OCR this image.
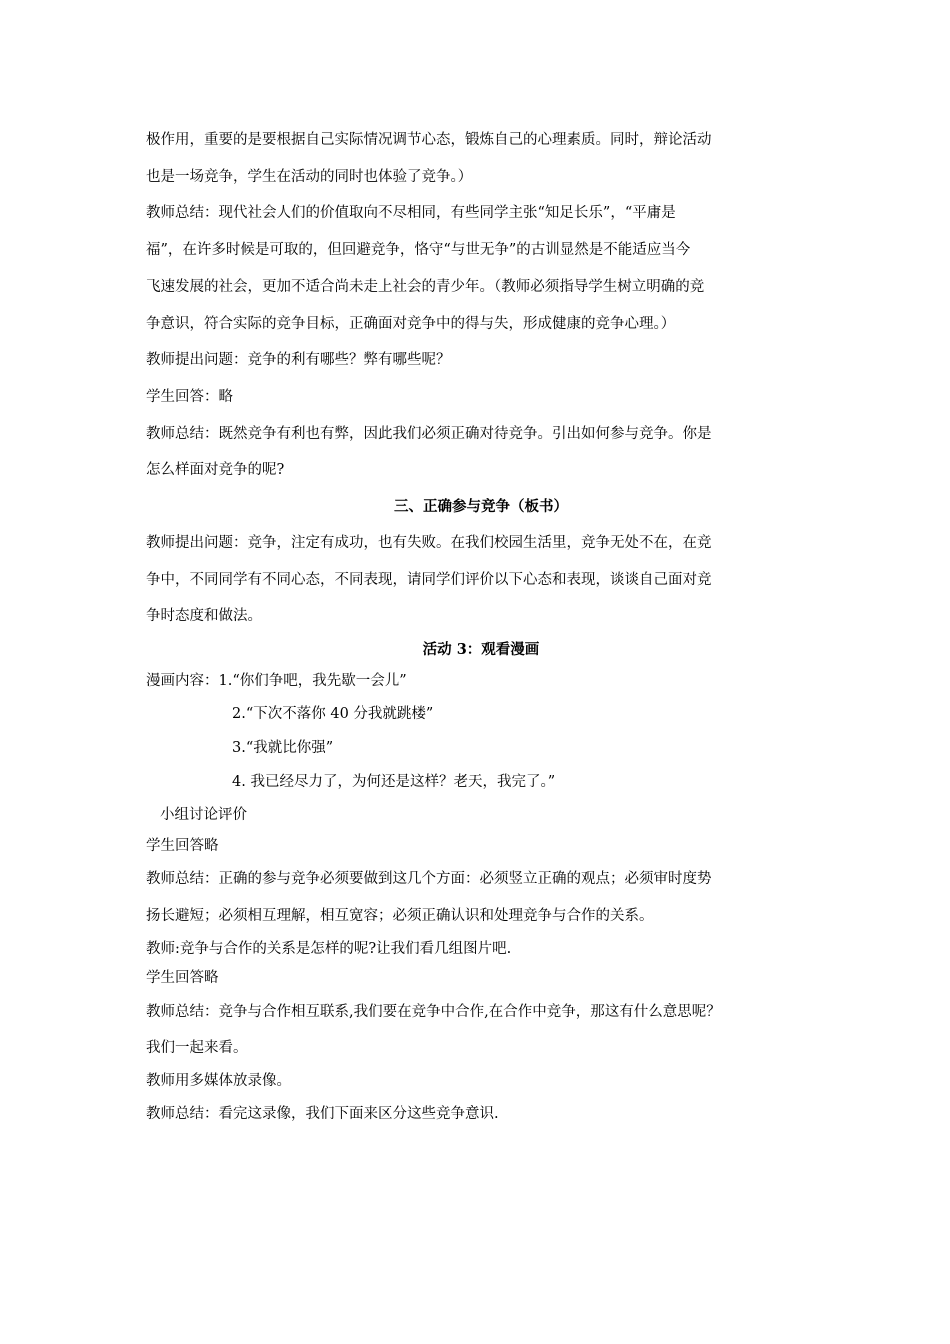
极作用，重要的是要根据自己实际情况调节心态，锻炼自己的心理素质。同时，辩论活动

也是一场竞争，学生在活动的同时也体验了竞争。）

教师总结：现代社会人们的价值取向不尽相同，有些同学主张“知足长乐”，“平庸是

福”，在许多时候是可取的，但回避竞争，恪守“与世无争”的古训显然是不能适应当今

飞速发展的社会，更加不适合尚未走上社会的青少年。（教师必须指导学生树立明确的竞

争意识，符合实际的竞争目标，正确面对竞争中的得与失，形成健康的竞争心理。）

教师提出问题：竞争的利有哪些？弊有哪些呢？

学生回答：略

教师总结：既然竞争有利也有弊，因此我们必须正确对待竞争。引出如何参与竞争。你是

怎么样面对竞争的呢?

三、正确参与竞争（板书）

教师提出问题：竞争，注定有成功，也有失败。在我们校园生活里，竞争无处不在，在竞

争中，不同同学有不同心态，不同表现，请同学们评价以下心态和表现，谈谈自己面对竞

争时态度和做法。

活动 3：观看漫画

漫画内容：1.“你们争吧，我先歇一会儿”

2.“下次不落你 40 分我就跳楼”

3.“我就比你强”

4. 我已经尽力了，为何还是这样？老天，我完了。”

小组讨论评价

学生回答略

教师总结：正确的参与竞争必须要做到这几个方面：必须竖立正确的观点；必须审时度势

扬长避短；必须相互理解，相互宽容；必须正确认识和处理竞争与合作的关系。

教师:竞争与合作的关系是怎样的呢?让我们看几组图片吧.

学生回答略

教师总结：竞争与合作相互联系,我们要在竞争中合作,在合作中竞争，那这有什么意思呢？

我们一起来看。

教师用多媒体放录像。

教师总结：看完这录像，我们下面来区分这些竞争意识.
